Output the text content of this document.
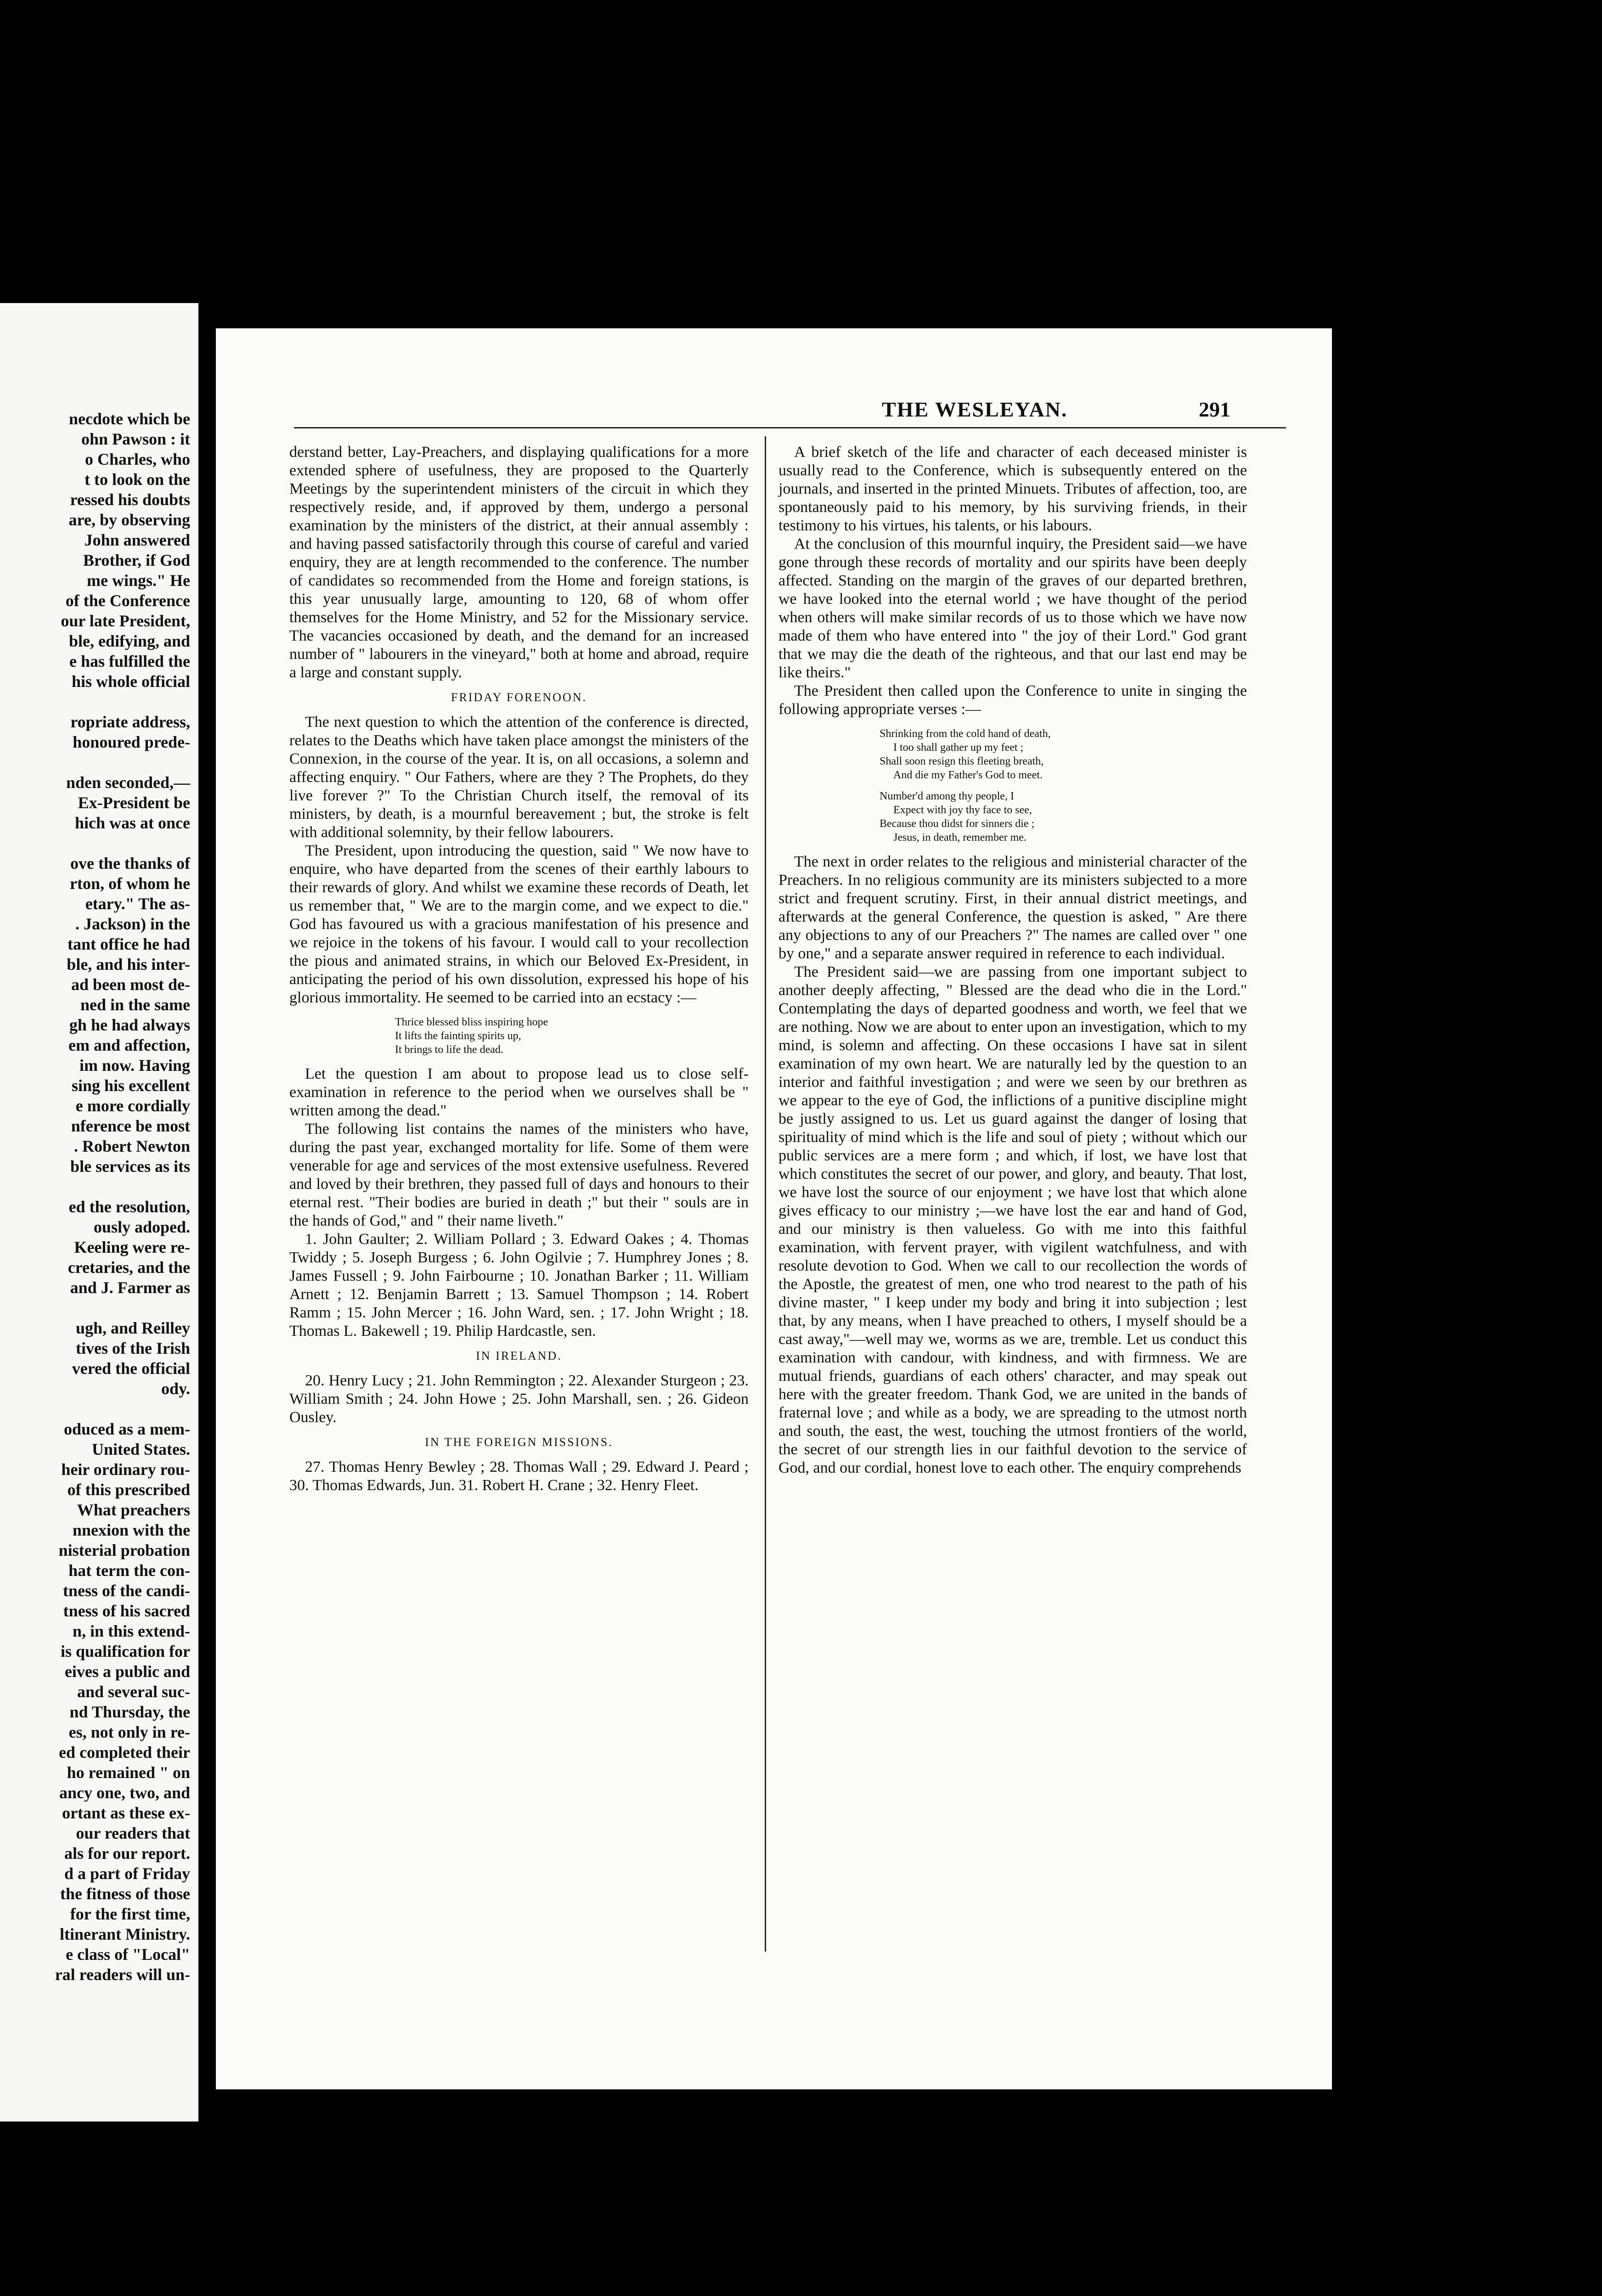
necdote which be
ohn Pawson : it
o Charles, who
t to look on the
ressed his doubts
are, by observing
John answered
Brother, if God
me wings." He
of the Conference
our late President,
ble, edifying, and
e has fulfilled the
his whole official
ropriate address,
honoured prede-
nden seconded,—
Ex-President be
hich was at once
ove the thanks of
rton, of whom he
etary." The as-
. Jackson) in the
tant office he had
ble, and his inter-
ad been most de-
ned in the same
gh he had always
em and affection,
im now. Having
sing his excellent
e more cordially
nference be most
. Robert Newton
ble services as its
ed the resolution,
ously adoped.
Keeling were re-
cretaries, and the
and J. Farmer as
ugh, and Reilley
tives of the Irish
vered the official
ody.
oduced as a mem-
United States.
heir ordinary rou-
of this prescribed
What preachers
nnexion with the
nisterial probation
hat term the con-
tness of the candi-
tness of his sacred
n, in this extend-
is qualification for
eives a public and
and several suc-
nd Thursday, the
es, not only in re-
ed completed their
ho remained " on
ancy one, two, and
ortant as these ex-
our readers that
als for our report.
d a part of Friday
the fitness of those
for the first time,
ltinerant Ministry.
e class of "Local"
ral readers will un-
THE WESLEYAN.	291

derstand better, Lay-Preachers, and displaying qualifications for a more extended sphere of usefulness, they are proposed to the Quarterly Meetings by the superintendent ministers of the circuit in which they respectively reside, and, if approved by them, undergo a personal examination by the ministers of the district, at their annual assembly : and having passed satisfactorily through this course of careful and varied enquiry, they are at length recommended to the conference. The number of candidates so recommended from the Home and foreign stations, is this year unusually large, amounting to 120, 68 of whom offer themselves for the Home Ministry, and 52 for the Missionary service. The vacancies occasioned by death, and the demand for an increased number of " labourers in the vineyard," both at home and abroad, require a large and constant supply.

FRIDAY FORENOON.

The next question to which the attention of the conference is directed, relates to the Deaths which have taken place amongst the ministers of the Connexion, in the course of the year. It is, on all occasions, a solemn and affecting enquiry. " Our Fathers, where are they ? The Prophets, do they live forever ?" To the Christian Church itself, the removal of its ministers, by death, is a mournful bereavement ; but, the stroke is felt with additional solemnity, by their fellow labourers.

The President, upon introducing the question, said " We now have to enquire, who have departed from the scenes of their earthly labours to their rewards of glory. And whilst we examine these records of Death, let us remember that, " We are to the margin come, and we expect to die." God has favoured us with a gracious manifestation of his presence and we rejoice in the tokens of his favour. I would call to your recollection the pious and animated strains, in which our Beloved Ex-President, in anticipating the period of his own dissolution, expressed his hope of his glorious immortality. He seemed to be carried into an ecstacy :—

Thrice blessed bliss inspiring hope
It lifts the fainting spirits up,
It brings to life the dead.

Let the question I am about to propose lead us to close self-examination in reference to the period when we ourselves shall be " written among the dead."

The following list contains the names of the ministers who have, during the past year, exchanged mortality for life. Some of them were venerable for age and services of the most extensive usefulness. Revered and loved by their brethren, they passed full of days and honours to their eternal rest. "Their bodies are buried in death ;" but their " souls are in the hands of God," and " their name liveth."

1. John Gaulter; 2. William Pollard ; 3. Edward Oakes ; 4. Thomas Twiddy ; 5. Joseph Burgess ; 6. John Ogilvie ; 7. Humphrey Jones ; 8. James Fussell ; 9. John Fairbourne ; 10. Jonathan Barker ; 11. William Arnett ; 12. Benjamin Barrett ; 13. Samuel Thompson ; 14. Robert Ramm ; 15. John Mercer ; 16. John Ward, sen. ; 17. John Wright ; 18. Thomas L. Bakewell ; 19. Philip Hardcastle, sen.

IN IRELAND.

20. Henry Lucy ; 21. John Remmington ; 22. Alexander Sturgeon ; 23. William Smith ; 24. John Howe ; 25. John Marshall, sen. ; 26. Gideon Ousley.

IN THE FOREIGN MISSIONS.

27. Thomas Henry Bewley ; 28. Thomas Wall ; 29. Edward J. Peard ; 30. Thomas Edwards, Jun. 31. Robert H. Crane ; 32. Henry Fleet.

A brief sketch of the life and character of each deceased minister is usually read to the Conference, which is subsequently entered on the journals, and inserted in the printed Minuets. Tributes of affection, too, are spontaneously paid to his memory, by his surviving friends, in their testimony to his virtues, his talents, or his labours.

At the conclusion of this mournful inquiry, the President said—we have gone through these records of mortality and our spirits have been deeply affected. Standing on the margin of the graves of our departed brethren, we have looked into the eternal world ; we have thought of the period when others will make similar records of us to those which we have now made of them who have entered into " the joy of their Lord." God grant that we may die the death of the righteous, and that our last end may be like theirs."

The President then called upon the Conference to unite in singing the following appropriate verses :—

Shrinking from the cold hand of death,
I too shall gather up my feet ;
Shall soon resign this fleeting breath,
And die my Father's God to meet.
Number'd among thy people, I
Expect with joy thy face to see,
Because thou didst for sinners die ;
Jesus, in death, remember me.

The next in order relates to the religious and ministerial character of the Preachers. In no religious community are its ministers subjected to a more strict and frequent scrutiny. First, in their annual district meetings, and afterwards at the general Conference, the question is asked, " Are there any objections to any of our Preachers ?" The names are called over " one by one," and a separate answer required in reference to each individual.

The President said—we are passing from one important subject to another deeply affecting, " Blessed are the dead who die in the Lord." Contemplating the days of departed goodness and worth, we feel that we are nothing. Now we are about to enter upon an investigation, which to my mind, is solemn and affecting. On these occasions I have sat in silent examination of my own heart. We are naturally led by the question to an interior and faithful investigation ; and were we seen by our brethren as we appear to the eye of God, the inflictions of a punitive discipline might be justly assigned to us. Let us guard against the danger of losing that spirituality of mind which is the life and soul of piety ; without which our public services are a mere form ; and which, if lost, we have lost that which constitutes the secret of our power, and glory, and beauty. That lost, we have lost the source of our enjoyment ; we have lost that which alone gives efficacy to our ministry ;—we have lost the ear and hand of God, and our ministry is then valueless. Go with me into this faithful examination, with fervent prayer, with vigilent watchfulness, and with resolute devotion to God. When we call to our recollection the words of the Apostle, the greatest of men, one who trod nearest to the path of his divine master, " I keep under my body and bring it into subjection ; lest that, by any means, when I have preached to others, I myself should be a cast away,"—well may we, worms as we are, tremble. Let us conduct this examination with candour, with kindness, and with firmness. We are mutual friends, guardians of each others' character, and may speak out here with the greater freedom. Thank God, we are united in the bands of fraternal love ; and while as a body, we are spreading to the utmost north and south, the east, the west, touching the utmost frontiers of the world, the secret of our strength lies in our faithful devotion to the service of God, and our cordial, honest love to each other. The enquiry comprehends
